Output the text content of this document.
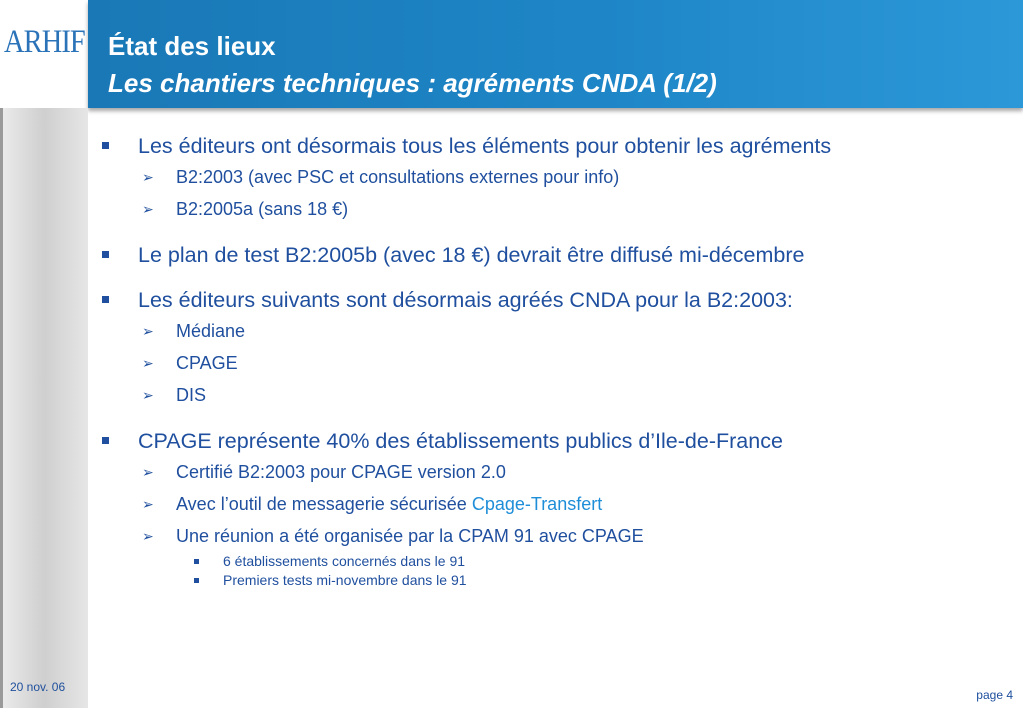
ARHIF État des lieux
Les chantiers techniques : agréments CNDA (1/2)
Les éditeurs ont désormais tous les éléments pour obtenir les agréments
➢ B2:2003 (avec PSC et consultations externes pour info)
➢ B2:2005a (sans 18 €)
Le plan de test B2:2005b (avec 18 €) devrait être diffusé mi-décembre
Les éditeurs suivants sont désormais agréés CNDA pour la B2:2003:
➢ Médiane
➢ CPAGE
➢ DIS
CPAGE représente 40% des établissements publics d’Ile-de-France
➢ Certifié B2:2003 pour CPAGE version 2.0
➢ Avec l’outil de messagerie sécurisée Cpage-Transfert
➢ Une réunion a été organisée par la CPAM 91 avec CPAGE
6 établissements concernés dans le 91
Premiers tests mi-novembre dans le 91
20 nov. 06
page 4
